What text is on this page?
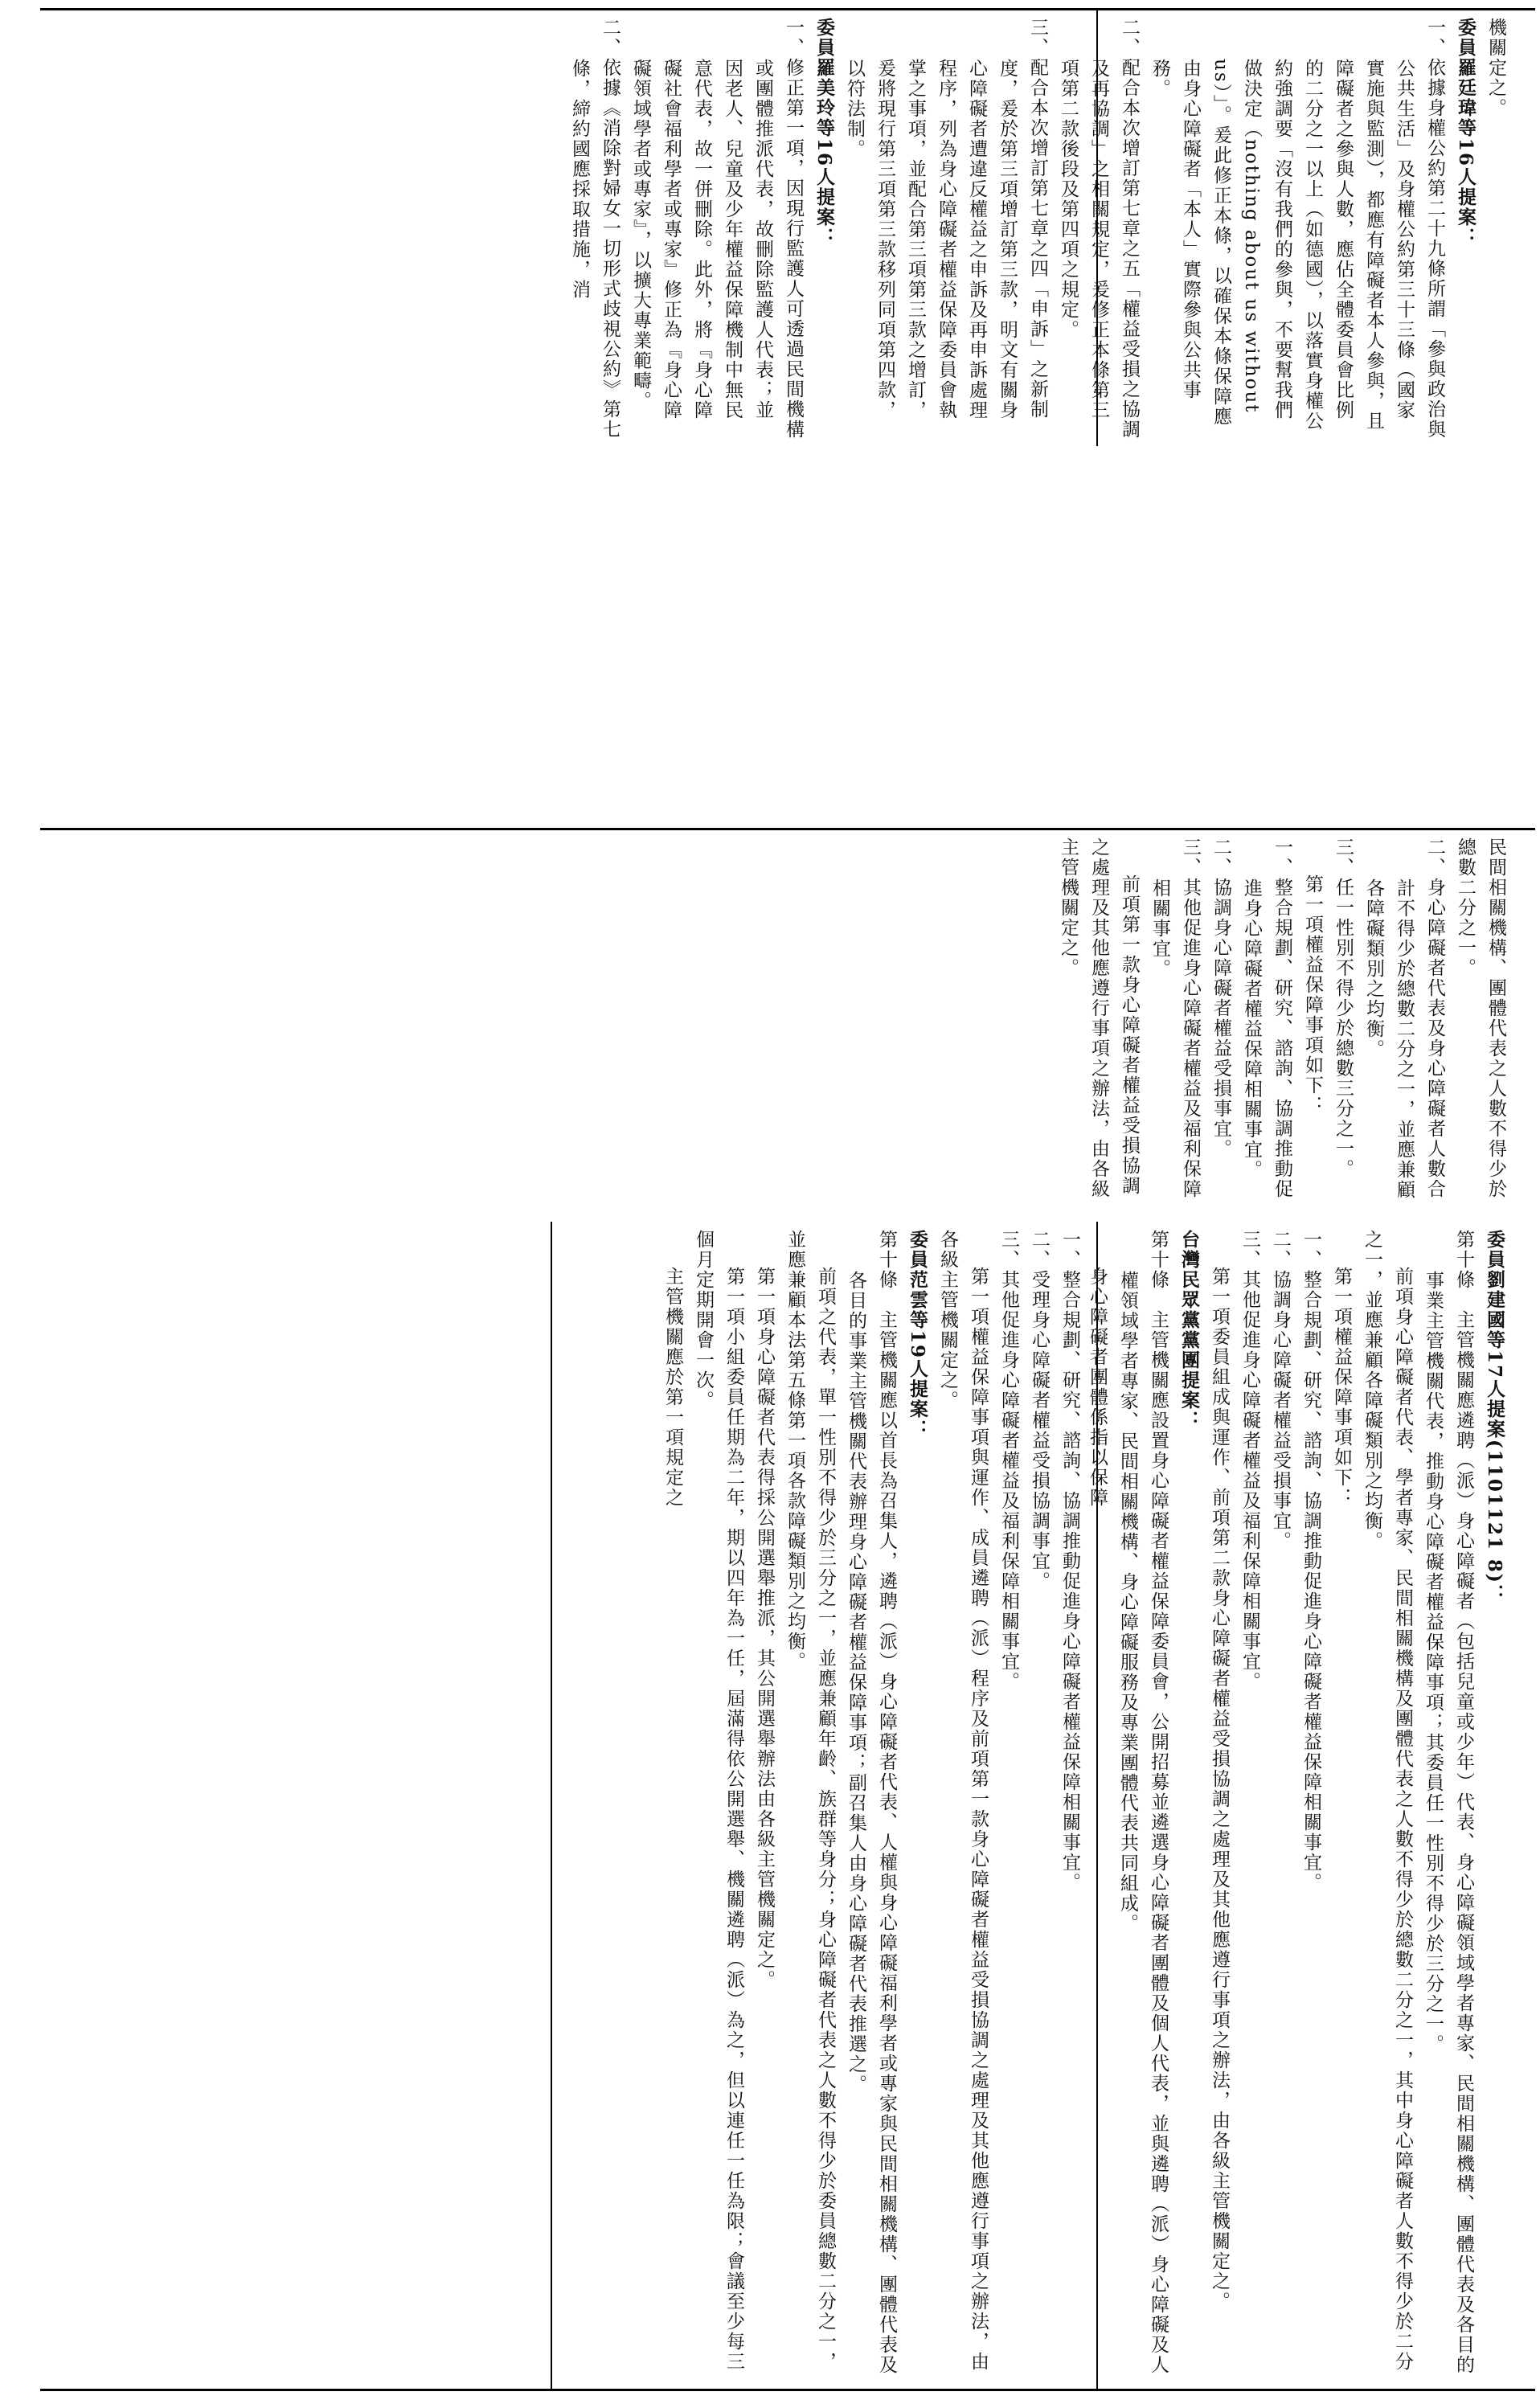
委員劉建國等17人提案(1101121 8)：

第十條　主管機關應遴聘（派）身心障礙者（包括兒童或少年）代表、身心障礙領域學者專家、民間相關機構、團體代表及各目的事業主管機關代表，推動身心障礙者權益保障事項；其委員任一性別不得少於三分之一。

前項身心障礙者代表、學者專家、民間相關機構及團體代表之人數不得少於總數二分之一，其中身心障礙者人數不得少於二分之一，並應兼顧各障礙類別之均衡。

第一項權益保障事項如下：

一、整合規劃、研究、諮詢、協調推動促進身心障礙者權益保障相關事宜。

二、協調身心障礙者權益受損事宜。

三、其他促進身心障礙者權益及福利保障相關事宜。

第一項委員組成與運作、前項第二款身心障礙者權益受損協調之處理及其他應遵行事項之辦法，由各級主管機關定之。

台灣民眾黨黨團提案：

第十條　主管機關應設置身心障礙者權益保障委員會，公開招募並遴選身心障礙者團體及個人代表，並與遴聘（派）身心障礙及人權領域學者專家、民間相關機構、身心障礙服務及專業團體代表共同組成。

身心障礙者團體係指以保障

一、整合規劃、研究、諮詢、協調推動促進身心障礙者權益保障相關事宜。

二、受理身心障礙者權益受損協調事宜。

三、其他促進身心障礙者權益及福利保障相關事宜。

第一項權益保障事項與運作、成員遴聘（派）程序及前項第一款身心障礙者權益受損協調之處理及其他應遵行事項之辦法，由各級主管機關定之。

委員范雲等19人提案：

第十條　主管機關應以首長為召集人，遴聘（派）身心障礙者代表、人權與身心障礙福利學者或專家與民間相關機構、團體代表及各目的事業主管機關代表辦理身心障礙者權益保障事項；副召集人由身心障礙者代表推選之。

前項之代表，單一性別不得少於三分之一，並應兼顧年齡、族群等身分；身心障礙者代表之人數不得少於委員總數二分之一，並應兼顧本法第五條第一項各款障礙類別之均衡。

第一項身心障礙者代表得採公開選舉推派，其公開選舉辦法由各級主管機關定之。

第一項小組委員任期為二年，期以四年為一任，屆滿得依公開選舉、機關遴聘（派）為之，但以連任一任為限；會議至少每三個月定期開會一次。

主管機關應於第一項規定之

民間相關機構、團體代表之人數不得少於總數二分之一。

二、身心障礙者代表及身心障礙者人數合計不得少於總數二分之一，並應兼顧各障礙類別之均衡。

三、任一性別不得少於總數三分之一。

第一項權益保障事項如下：

一、整合規劃、研究、諮詢、協調推動促進身心障礙者權益保障相關事宜。

二、協調身心障礙者權益受損事宜。

三、其他促進身心障礙者權益及福利保障相關事宜。

前項第一款身心障礙者權益受損協調之處理及其他應遵行事項之辦法，由各級主管機關定之。

機關定之。

委員羅廷瑋等16人提案：

一、依據身權公約第二十九條所謂「參與政治與公共生活」及身權公約第三十三條（國家實施與監測），都應有障礙者本人參與，且障礙者之參與人數，應佔全體委員會比例的二分之一以上（如德國），以落實身權公約強調要「沒有我們的參與，不要幫我們做決定（nothing about us without us）」。爰此修正本條，以確保本條保障應由身心障礙者「本人」實際參與公共事務。

二、配合本次增訂第七章之五「權益受損之協調及再協調」之相關規定，爰修正本條第三項第二款後段及第四項之規定。

三、配合本次增訂第七章之四「申訴」之新制度，爰於第三項增訂第三款，明文有關身心障礙者遭違反權益之申訴及再申訴處理程序，列為身心障礙者權益保障委員會執掌之事項，並配合第三項第三款之增訂，爰將現行第三項第三款移列同項第四款，以符法制。

委員羅美玲等16人提案：

一、修正第一項，因現行監護人可透過民間機構或團體推派代表，故刪除監護人代表；並因老人、兒童及少年權益保障機制中無民意代表，故一併刪除。此外，將『身心障礙社會福利學者或專家』修正為『身心障礙領域學者或專家』，以擴大專業範疇。

二、依據《消除對婦女一切形式歧視公約》第七條，締約國應採取措施，消
